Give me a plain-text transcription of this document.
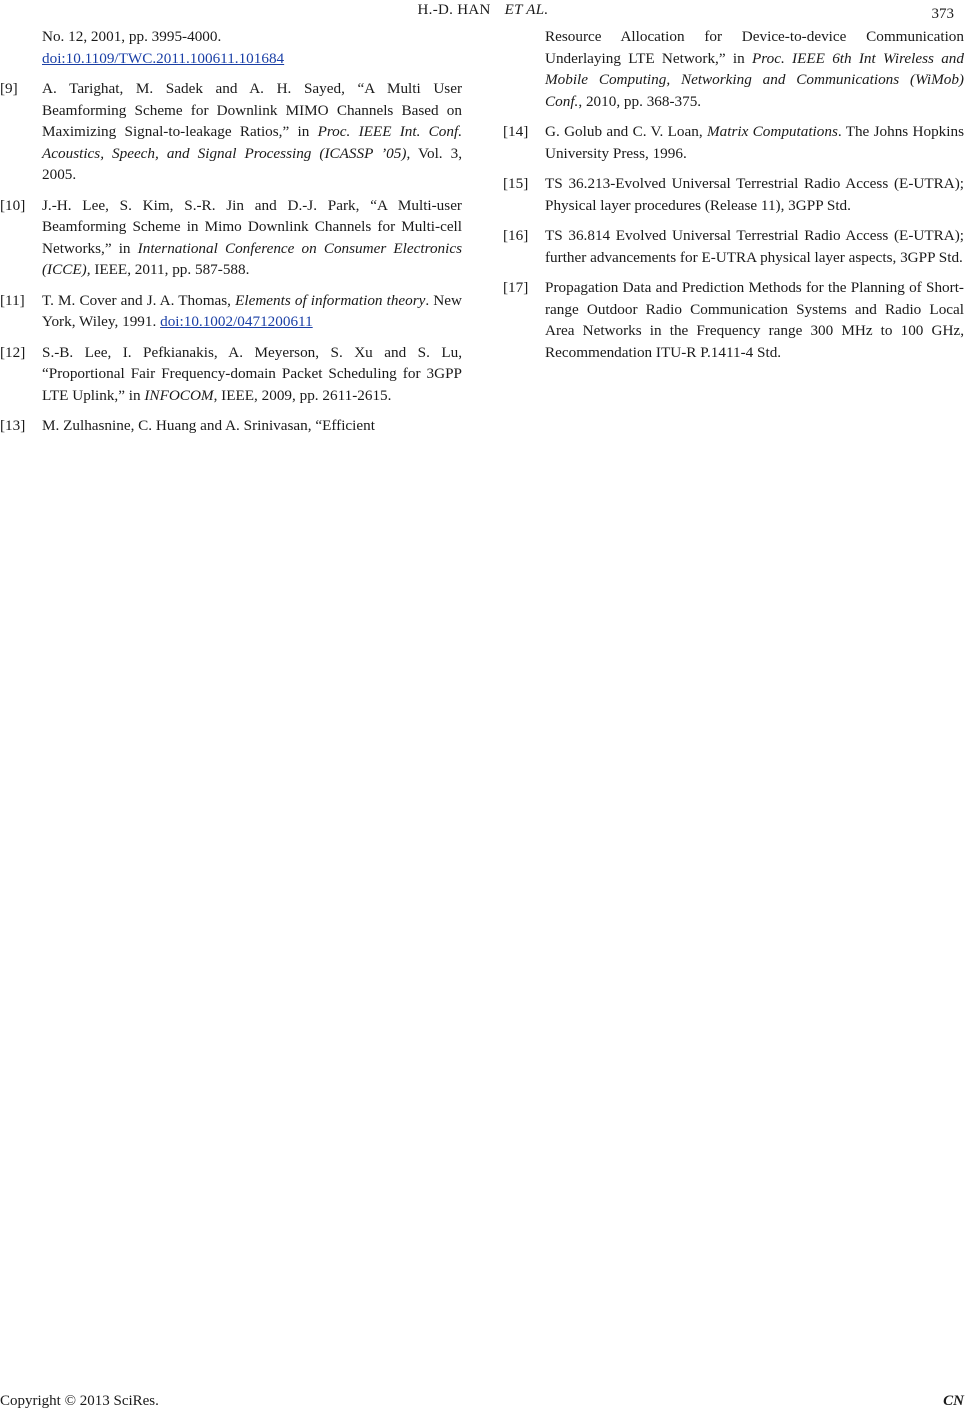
H.-D. HAN ET AL.	373
No. 12, 2001, pp. 3995-4000.
doi:10.1109/TWC.2011.100611.101684
[9]	A. Tarighat, M. Sadek and A. H. Sayed, “A Multi User Beamforming Scheme for Downlink MIMO Channels Based on Maximizing Signal-to-leakage Ratios,” in Proc. IEEE Int. Conf. Acoustics, Speech, and Signal Processing (ICASSP ’05), Vol. 3, 2005.
[10]	J.-H. Lee, S. Kim, S.-R. Jin and D.-J. Park, “A Multi-user Beamforming Scheme in Mimo Downlink Channels for Multi-cell Networks,” in International Conference on Consumer Electronics (ICCE), IEEE, 2011, pp. 587-588.
[11]	T. M. Cover and J. A. Thomas, Elements of information theory. New York, Wiley, 1991. doi:10.1002/0471200611
[12]	S.-B. Lee, I. Pefkianakis, A. Meyerson, S. Xu and S. Lu, “Proportional Fair Frequency-domain Packet Scheduling for 3GPP LTE Uplink,” in INFOCOM, IEEE, 2009, pp. 2611-2615.
[13]	M. Zulhasnine, C. Huang and A. Srinivasan, “Efficient
Resource Allocation for Device-to-device Communication Underlaying LTE Network,” in Proc. IEEE 6th Int Wireless and Mobile Computing, Networking and Communications (WiMob) Conf., 2010, pp. 368-375.
[14]	G. Golub and C. V. Loan, Matrix Computations. The Johns Hopkins University Press, 1996.
[15]	TS 36.213-Evolved Universal Terrestrial Radio Access (E-UTRA); Physical layer procedures (Release 11), 3GPP Std.
[16]	TS 36.814 Evolved Universal Terrestrial Radio Access (E-UTRA); further advancements for E-UTRA physical layer aspects, 3GPP Std.
[17]	Propagation Data and Prediction Methods for the Planning of Short-range Outdoor Radio Communication Systems and Radio Local Area Networks in the Frequency range 300 MHz to 100 GHz, Recommendation ITU-R P.1411-4 Std.
Copyright © 2013 SciRes.	CN
